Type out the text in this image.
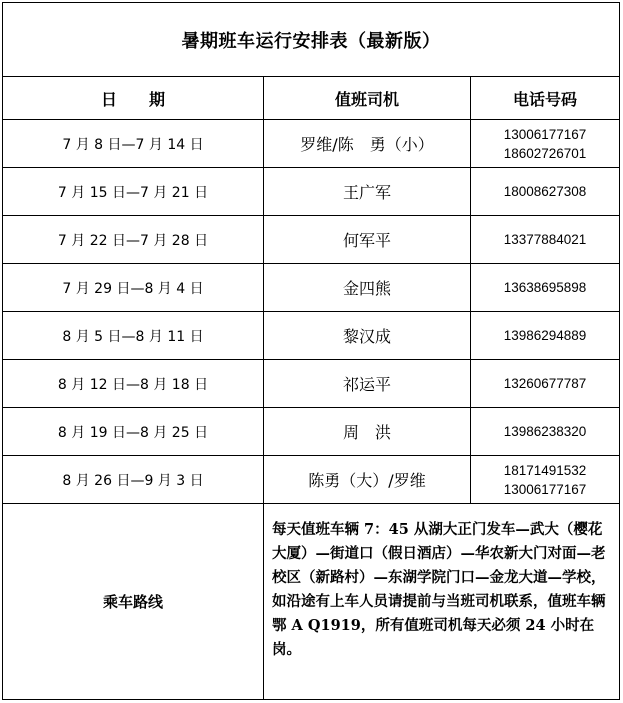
暑期班车运行安排表（最新版）		
日　　期	值班司机	电话号码
7 月 8 日—7 月 14 日	罗维/陈　勇（小）	13006177167
18602726701

7 月 15 日—7 月 21 日	王广军	18008627308

7 月 22 日—7 月 28 日	何军平	13377884021

7 月 29 日—8 月 4 日	金四熊	13638695898

8 月 5 日—8 月 11 日	黎汉成	13986294889

8 月 12 日—8 月 18 日	祁运平	13260677787

8 月 19 日—8 月 25 日	周　洪	13986238320

8 月 26 日—9 月 3 日	陈勇（大）/罗维	18171491532
13006177167

乘车路线	每天值班车辆 7：45 从湖大正门发车—武大（樱花大厦）—街道口（假日酒店）—华农新大门对面—老校区（新路村）—东湖学院门口—金龙大道—学校，如沿途有上车人员请提前与当班司机联系，值班车辆鄂 A Q1919，所有值班司机每天必须 24 小时在岗。	
